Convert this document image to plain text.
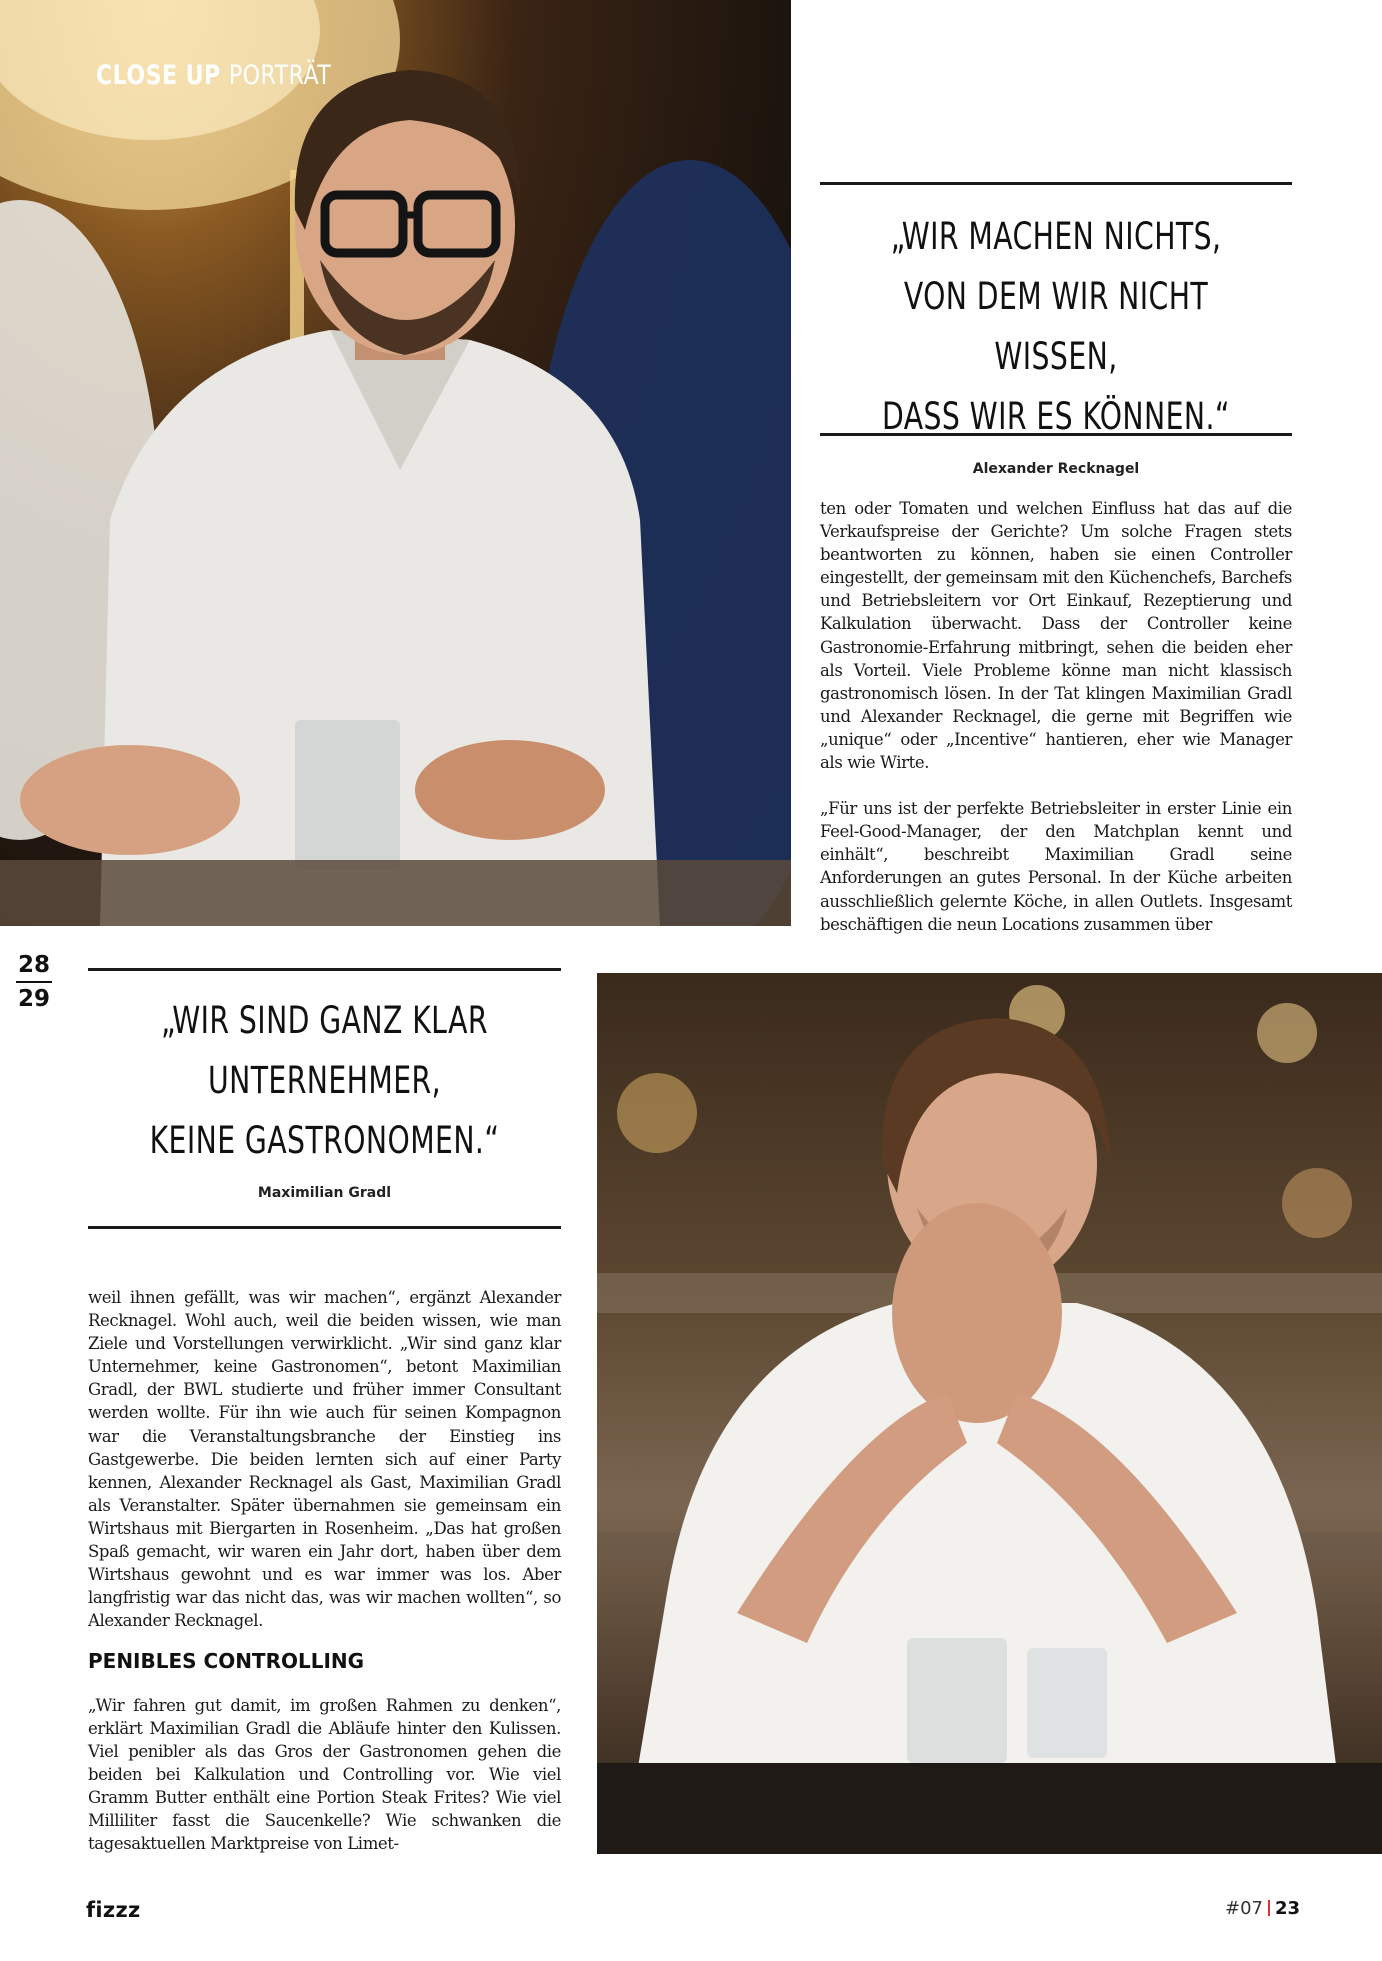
CLOSE UP PORTRÄT
„WIR MACHEN NICHTS,
VON DEM WIR NICHT WISSEN,
DASS WIR ES KÖNNEN.“
Alexander Recknagel

ten oder Tomaten und welchen Einfluss hat das auf die Verkaufspreise der Gerichte? Um solche Fragen stets beantworten zu können, haben sie einen Controller eingestellt, der gemeinsam mit den Küchenchefs, Barchefs und Betriebsleitern vor Ort Einkauf, Rezeptierung und Kalkulation überwacht. Dass der Controller keine Gastronomie-Erfahrung mitbringt, sehen die beiden eher als Vorteil. Viele Probleme könne man nicht klassisch gastronomisch lösen. In der Tat klingen Maximilian Gradl und Alexander Recknagel, die gerne mit Begriffen wie „unique“ oder „Incentive“ hantieren, eher wie Manager als wie Wirte.

„Für uns ist der perfekte Betriebsleiter in erster Linie ein Feel-Good-Manager, der den Matchplan kennt und einhält“, beschreibt Maximilian Gradl seine Anforderungen an gutes Personal. In der Küche arbeiten ausschließlich gelernte Köche, in allen Outlets. Insgesamt beschäftigen die neun Locations zusammen über

28
29	„WIR SIND GANZ KLAR
UNTERNEHMER,
KEINE GASTRONOMEN.“
Maximilian Gradl

weil ihnen gefällt, was wir machen“, ergänzt Alexander Recknagel. Wohl auch, weil die beiden wissen, wie man Ziele und Vorstellungen verwirklicht. „Wir sind ganz klar Unternehmer, keine Gastronomen“, betont Maximilian Gradl, der BWL studierte und früher immer Consultant werden wollte. Für ihn wie auch für seinen Kompagnon war die Veranstaltungsbranche der Einstieg ins Gastgewerbe. Die beiden lernten sich auf einer Party kennen, Alexander Recknagel als Gast, Maximilian Gradl als Veranstalter. Später übernahmen sie gemeinsam ein Wirtshaus mit Biergarten in Rosenheim. „Das hat großen Spaß gemacht, wir waren ein Jahr dort, haben über dem Wirtshaus gewohnt und es war immer was los. Aber langfristig war das nicht das, was wir machen wollten“, so Alexander Recknagel.

PENIBLES CONTROLLING

„Wir fahren gut damit, im großen Rahmen zu denken“, erklärt Maximilian Gradl die Abläufe hinter den Kulissen. Viel penibler als das Gros der Gastronomen gehen die beiden bei Kalkulation und Controlling vor. Wie viel Gramm Butter enthält eine Portion Steak Frites? Wie viel Milliliter fasst die Saucenkelle? Wie schwanken die tagesaktuellen Marktpreise von Limet-

fizzz	#07 23
